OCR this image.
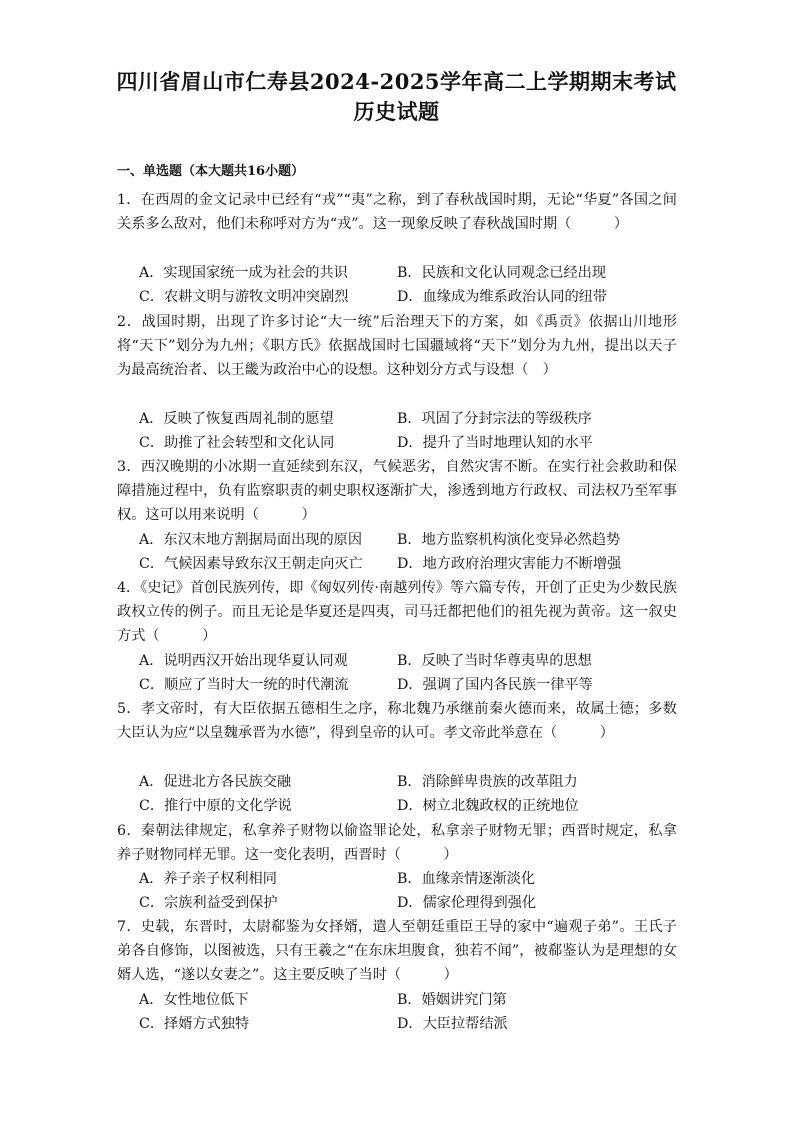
四川省眉山市仁寿县2024-2025学年高二上学期期末考试
历史试题
一、单选题（本大题共16小题）
1．在西周的金文记录中已经有“戎”“夷”之称，到了春秋战国时期，无论“华夏”各国之间关系多么敌对，他们未称呼对方为“戎”。这一现象反映了春秋战国时期（　　　）
A．实现国家统一成为社会的共识	B．民族和文化认同观念已经出现
C．农耕文明与游牧文明冲突剧烈	D．血缘成为维系政治认同的纽带
2．战国时期，出现了许多讨论“大一统”后治理天下的方案，如《禹贡》依据山川地形将“天下”划分为九州；《职方氏》依据战国时七国疆域将“天下”划分为九州，提出以天子为最高统治者、以王畿为政治中心的设想。这种划分方式与设想（　）
A．反映了恢复西周礼制的愿望	B．巩固了分封宗法的等级秩序
C．助推了社会转型和文化认同	D．提升了当时地理认知的水平
3．西汉晚期的小冰期一直延续到东汉，气候恶劣，自然灾害不断。在实行社会救助和保障措施过程中，负有监察职责的刺史职权逐渐扩大，渗透到地方行政权、司法权乃至军事权。这可以用来说明（　　　）
A．东汉末地方割据局面出现的原因	B．地方监察机构演化变异必然趋势
C．气候因素导致东汉王朝走向灭亡	D．地方政府治理灾害能力不断增强
4．《史记》首创民族列传，即《匈奴列传·南越列传》等六篇专传，开创了正史为少数民族政权立传的例子。而且无论是华夏还是四夷，司马迁都把他们的祖先视为黄帝。这一叙史方式（　　　）
A．说明西汉开始出现华夏认同观	B．反映了当时华尊夷卑的思想
C．顺应了当时大一统的时代潮流	D．强调了国内各民族一律平等
5．孝文帝时，有大臣依据五德相生之序，称北魏乃承继前秦火德而来，故属土德；多数大臣认为应“以皇魏承晋为水德”，得到皇帝的认可。孝文帝此举意在（　　　）
A．促进北方各民族交融	B．消除鲜卑贵族的改革阻力
C．推行中原的文化学说	D．树立北魏政权的正统地位
6．秦朝法律规定，私拿养子财物以偷盗罪论处，私拿亲子财物无罪；西晋时规定，私拿养子财物同样无罪。这一变化表明，西晋时（　　　）
A．养子亲子权利相同	B．血缘亲情逐渐淡化
C．宗族利益受到保护	D．儒家伦理得到强化
7．史载，东晋时，太尉郗鉴为女择婿，遣人至朝廷重臣王导的家中“遍观子弟”。王氏子弟各自修饰，以图被选，只有王羲之“在东床坦腹食，独若不闻”，被郗鉴认为是理想的女婿人选，“遂以女妻之”。这主要反映了当时（　　　）
A．女性地位低下	B．婚姻讲究门第
C．择婿方式独特	D．大臣拉帮结派
